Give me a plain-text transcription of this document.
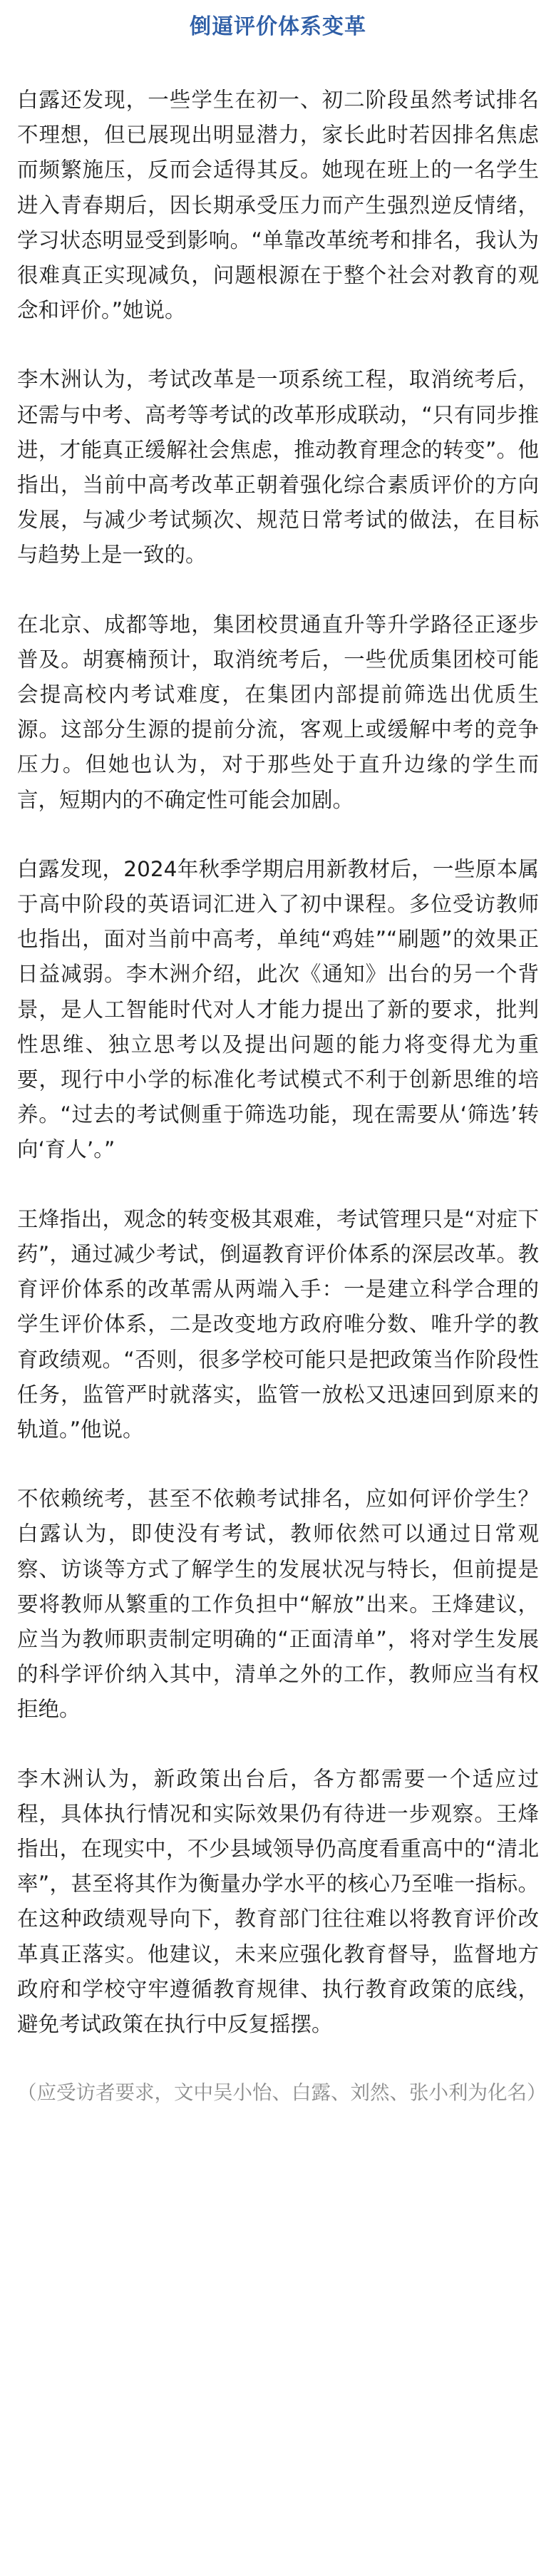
倒逼评价体系变革

白露还发现，一些学生在初一、初二阶段虽然考试排名不理想，但已展现出明显潜力，家长此时若因排名焦虑而频繁施压，反而会适得其反。她现在班上的一名学生进入青春期后，因长期承受压力而产生强烈逆反情绪，学习状态明显受到影响。“单靠改革统考和排名，我认为很难真正实现减负，问题根源在于整个社会对教育的观念和评价。”她说。

李木洲认为，考试改革是一项系统工程，取消统考后，还需与中考、高考等考试的改革形成联动，“只有同步推进，才能真正缓解社会焦虑，推动教育理念的转变”。他指出，当前中高考改革正朝着强化综合素质评价的方向发展，与减少考试频次、规范日常考试的做法，在目标与趋势上是一致的。

在北京、成都等地，集团校贯通直升等升学路径正逐步普及。胡赛楠预计，取消统考后，一些优质集团校可能会提高校内考试难度，在集团内部提前筛选出优质生源。这部分生源的提前分流，客观上或缓解中考的竞争压力。但她也认为，对于那些处于直升边缘的学生而言，短期内的不确定性可能会加剧。

白露发现，2024年秋季学期启用新教材后，一些原本属于高中阶段的英语词汇进入了初中课程。多位受访教师也指出，面对当前中高考，单纯“鸡娃”“刷题”的效果正日益减弱。李木洲介绍，此次《通知》出台的另一个背景，是人工智能时代对人才能力提出了新的要求，批判性思维、独立思考以及提出问题的能力将变得尤为重要，现行中小学的标准化考试模式不利于创新思维的培养。“过去的考试侧重于筛选功能，现在需要从‘筛选’转向‘育人’。”

王烽指出，观念的转变极其艰难，考试管理只是“对症下药”，通过减少考试，倒逼教育评价体系的深层改革。教育评价体系的改革需从两端入手：一是建立科学合理的学生评价体系，二是改变地方政府唯分数、唯升学的教育政绩观。“否则，很多学校可能只是把政策当作阶段性任务，监管严时就落实，监管一放松又迅速回到原来的轨道。”他说。

不依赖统考，甚至不依赖考试排名，应如何评价学生？白露认为，即使没有考试，教师依然可以通过日常观察、访谈等方式了解学生的发展状况与特长，但前提是要将教师从繁重的工作负担中“解放”出来。王烽建议，应当为教师职责制定明确的“正面清单”，将对学生发展的科学评价纳入其中，清单之外的工作，教师应当有权拒绝。

李木洲认为，新政策出台后，各方都需要一个适应过程，具体执行情况和实际效果仍有待进一步观察。王烽指出，在现实中，不少县域领导仍高度看重高中的“清北率”，甚至将其作为衡量办学水平的核心乃至唯一指标。在这种政绩观导向下，教育部门往往难以将教育评价改革真正落实。他建议，未来应强化教育督导，监督地方政府和学校守牢遵循教育规律、执行教育政策的底线，避免考试政策在执行中反复摇摆。

（应受访者要求，文中吴小怡、白露、刘然、张小利为化名）
